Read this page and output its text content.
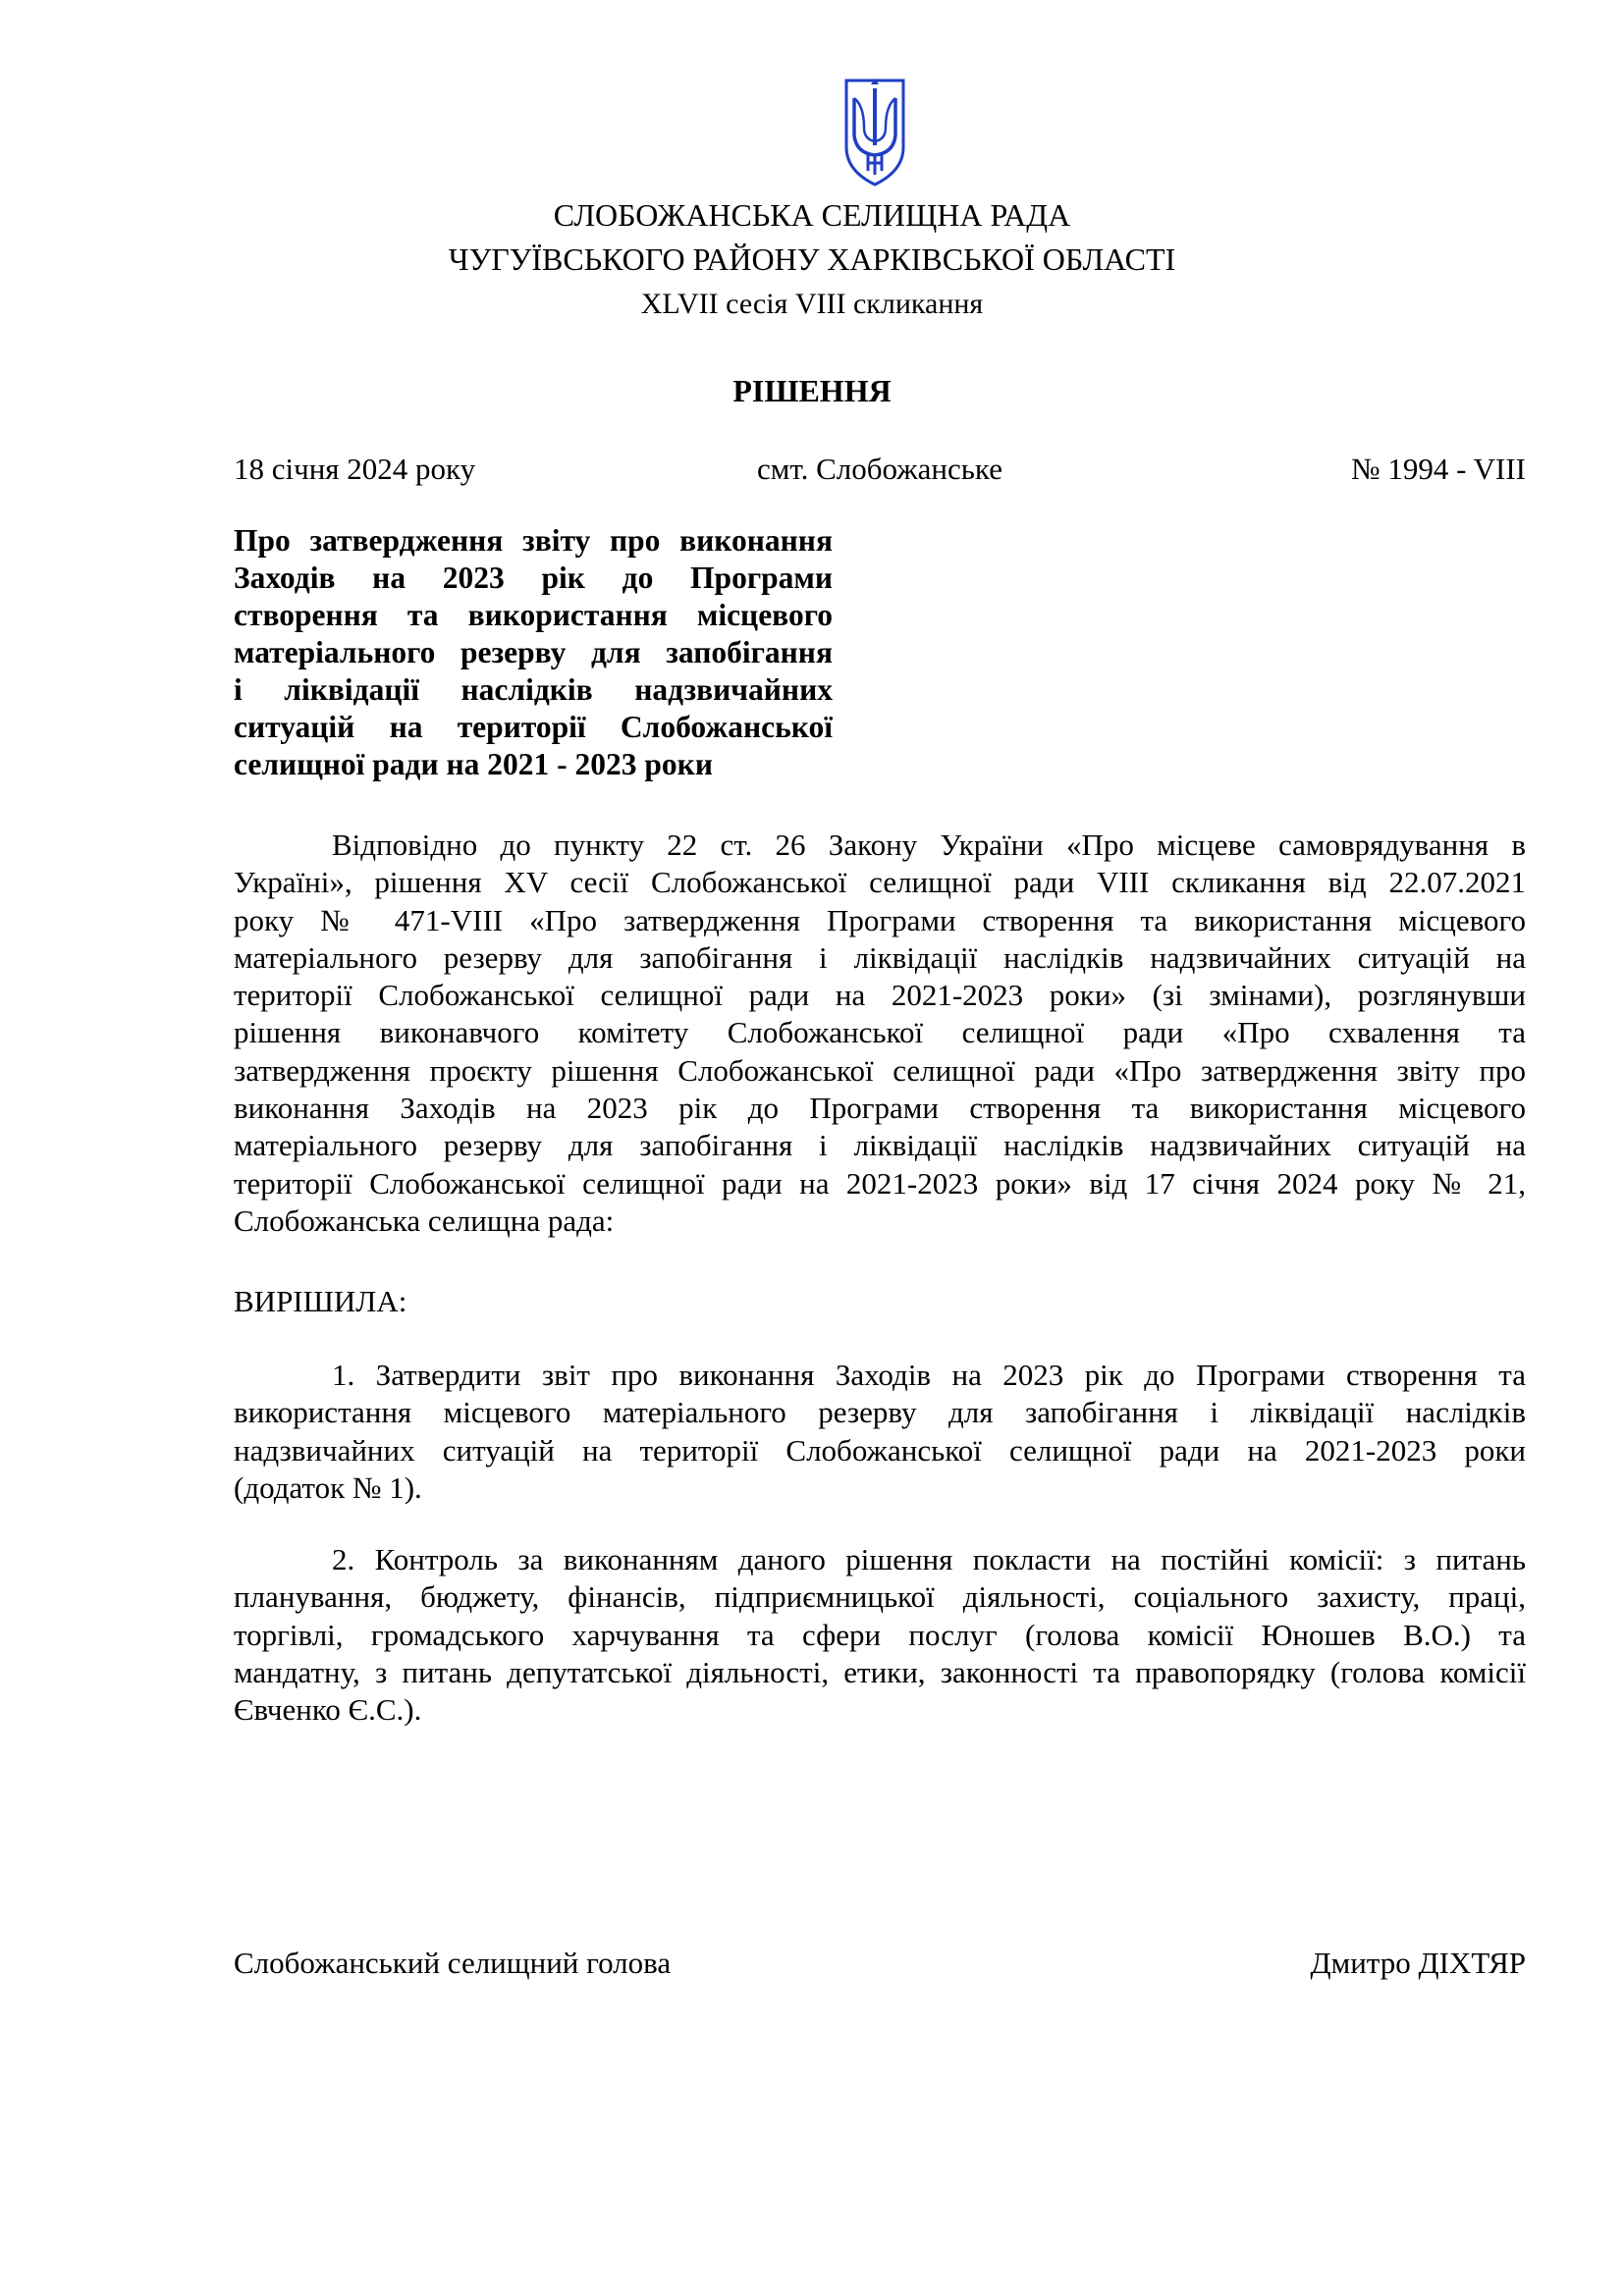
СЛОБОЖАНСЬКА СЕЛИЩНА РАДА
ЧУГУЇВСЬКОГО РАЙОНУ ХАРКІВСЬКОЇ ОБЛАСТІ
XLVII сесія VIII скликання
РІШЕННЯ
смт. Слобожанське
18 січня 2024 року	№ 1994 - VIII
Про затвердження звіту про виконання
Заходів на 2023 рік до Програми
створення та використання місцевого
матеріального резерву для запобігання
і ліквідації наслідків надзвичайних
ситуацій на території Слобожанської
селищної ради на 2021 - 2023 роки
Відповідно до пункту 22 ст. 26 Закону України «Про місцеве самоврядування в
Україні», рішення XV сесії Слобожанської селищної ради VIII скликання від 22.07.2021
року № 471-VIII «Про затвердження Програми створення та використання місцевого
матеріального резерву для запобігання і ліквідації наслідків надзвичайних ситуацій на
території Слобожанської селищної ради на 2021-2023 роки» (зі змінами), розглянувши
рішення виконавчого комітету Слобожанської селищної ради «Про схвалення та
затвердження проєкту рішення Слобожанської селищної ради «Про затвердження звіту про
виконання Заходів на 2023 рік до Програми створення та використання місцевого
матеріального резерву для запобігання і ліквідації наслідків надзвичайних ситуацій на
території Слобожанської селищної ради на 2021-2023 роки» від 17 січня 2024 року № 21,
Слобожанська селищна рада:
ВИРІШИЛА:
1. Затвердити звіт про виконання Заходів на 2023 рік до Програми створення та
використання місцевого матеріального резерву для запобігання і ліквідації наслідків
надзвичайних ситуацій на території Слобожанської селищної ради на 2021-2023 роки
(додаток № 1).
2. Контроль за виконанням даного рішення покласти на постійні комісії: з питань
планування, бюджету, фінансів, підприємницької діяльності, соціального захисту, праці,
торгівлі, громадського харчування та сфери послуг (голова комісії Юношев В.О.) та
мандатну, з питань депутатської діяльності, етики, законності та правопорядку (голова комісії
Євченко Є.С.).
Слобожанський селищний голова	Дмитро ДІХТЯР
